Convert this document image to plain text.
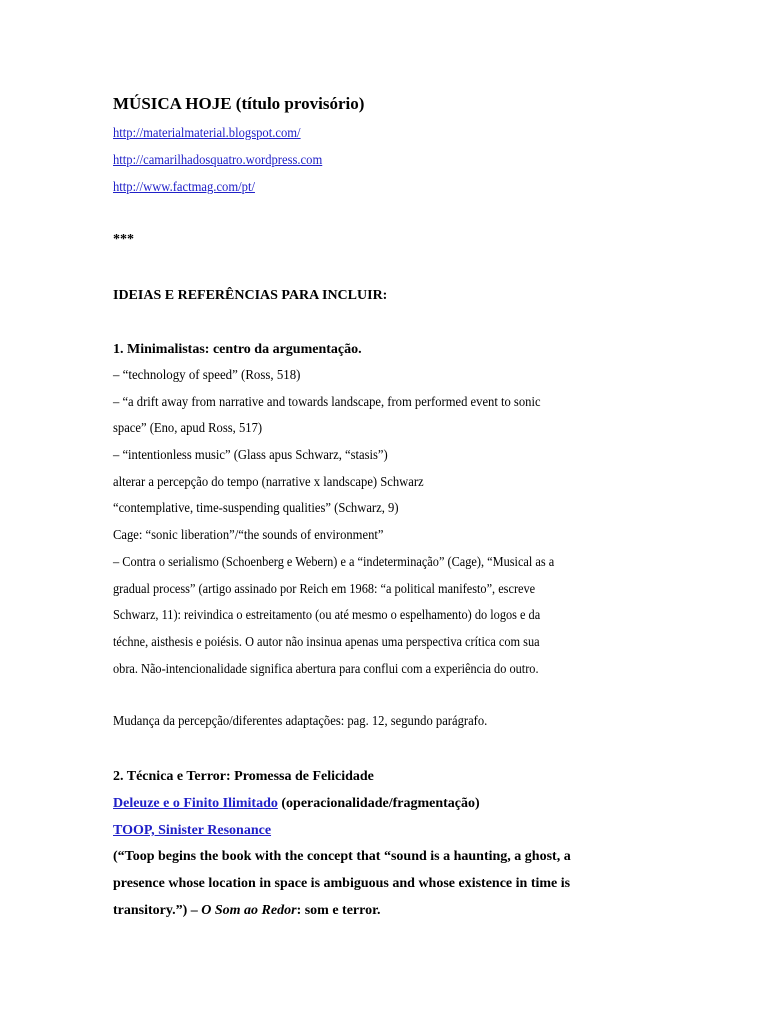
MÚSICA HOJE (título provisório)
http://materialmaterial.blogspot.com/
http://camarilhadosquatro.wordpress.com
http://www.factmag.com/pt/
***
IDEIAS E REFERÊNCIAS PARA INCLUIR:
1. Minimalistas: centro da argumentação.
– “technology of speed” (Ross, 518)
– “a drift away from narrative and towards landscape, from performed event to sonic
space” (Eno, apud Ross, 517)
– “intentionless music” (Glass apus Schwarz, “stasis”)
alterar a percepção do tempo (narrative x landscape) Schwarz
“contemplative, time-suspending qualities” (Schwarz, 9)
Cage: “sonic liberation”/“the sounds of environment”
– Contra o serialismo (Schoenberg e Webern) e a “indeterminação” (Cage), “Musical as a
gradual process” (artigo assinado por Reich em 1968: “a political manifesto”, escreve
Schwarz, 11): reivindica o estreitamento (ou até mesmo o espelhamento) do logos e da
téchne, aisthesis e poiésis. O autor não insinua apenas uma perspectiva crítica com sua
obra. Não-intencionalidade significa abertura para conflui com a experiência do outro.
Mudança da percepção/diferentes adaptações: pag. 12, segundo parágrafo.
2. Técnica e Terror: Promessa de Felicidade
Deleuze e o Finito Ilimitado (operacionalidade/fragmentação)
TOOP, Sinister Resonance
(“Toop begins the book with the concept that “sound is a haunting, a ghost, a
presence whose location in space is ambiguous and whose existence in time is
transitory.”) – O Som ao Redor: som e terror.
